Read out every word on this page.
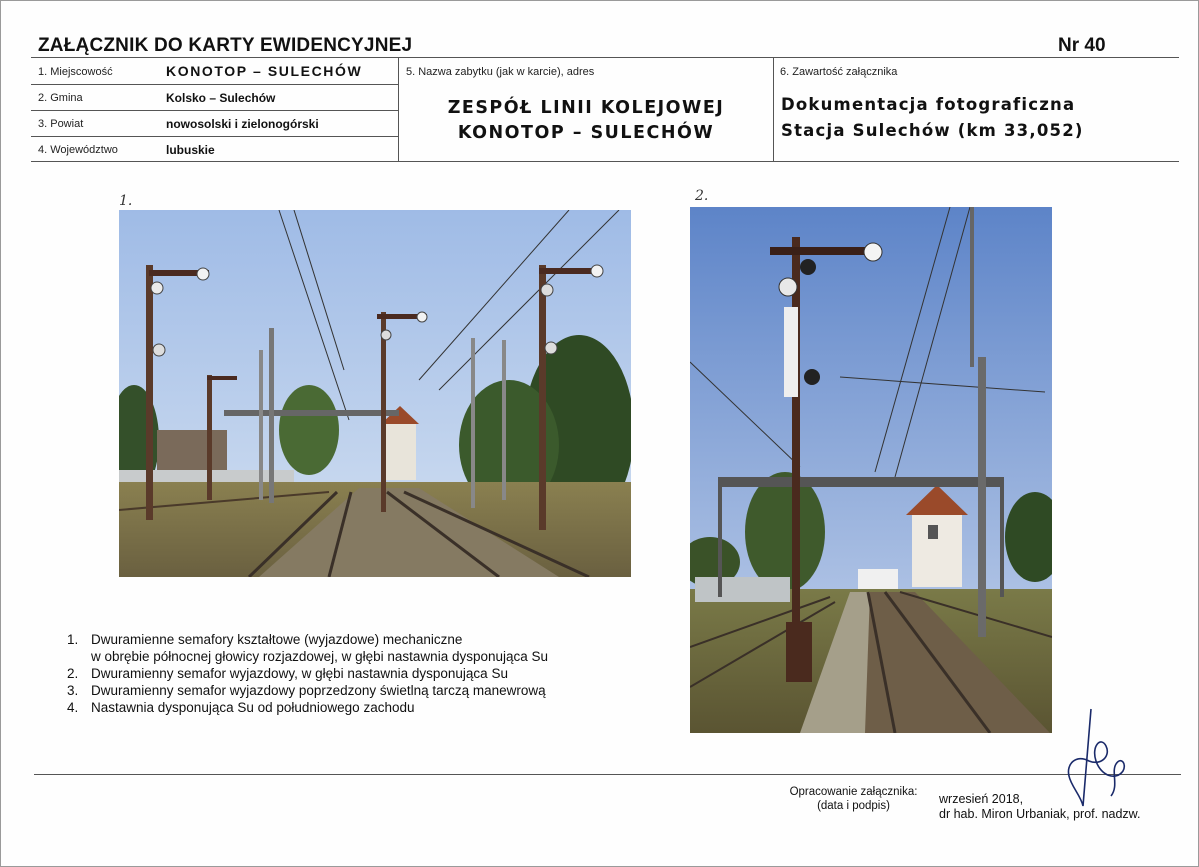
ZAŁĄCZNIK DO KARTY EWIDENCYJNEJ	Nr 40
1. Miejscowość	KONOTOP – SULECHÓW
2. Gmina	Kolsko – Sulechów
3. Powiat	nowosolski i zielonogórski
4. Województwo	lubuskie
5. Nazwa zabytku (jak w karcie), adres
ZESPÓŁ LINII KOLEJOWEJ
KONOTOP – SULECHÓW
6. Zawartość załącznika
Dokumentacja fotograficzna
Stacja Sulechów (km 33,052)
1.	2.
1. Dwuramienne semafory kształtowe (wyjazdowe) mechaniczne
w obrębie północnej głowicy rozjazdowej, w głębi nastawnia dysponująca Su
2. Dwuramienny semafor wyjazdowy, w głębi nastawnia dysponująca Su
3. Dwuramienny semafor wyjazdowy poprzedzony świetlną tarczą manewrową
4. Nastawnia dysponująca Su od południowego zachodu
Opracowanie załącznika:
(data i podpis)	wrzesień 2018,
dr hab. Miron Urbaniak, prof. nadzw.
